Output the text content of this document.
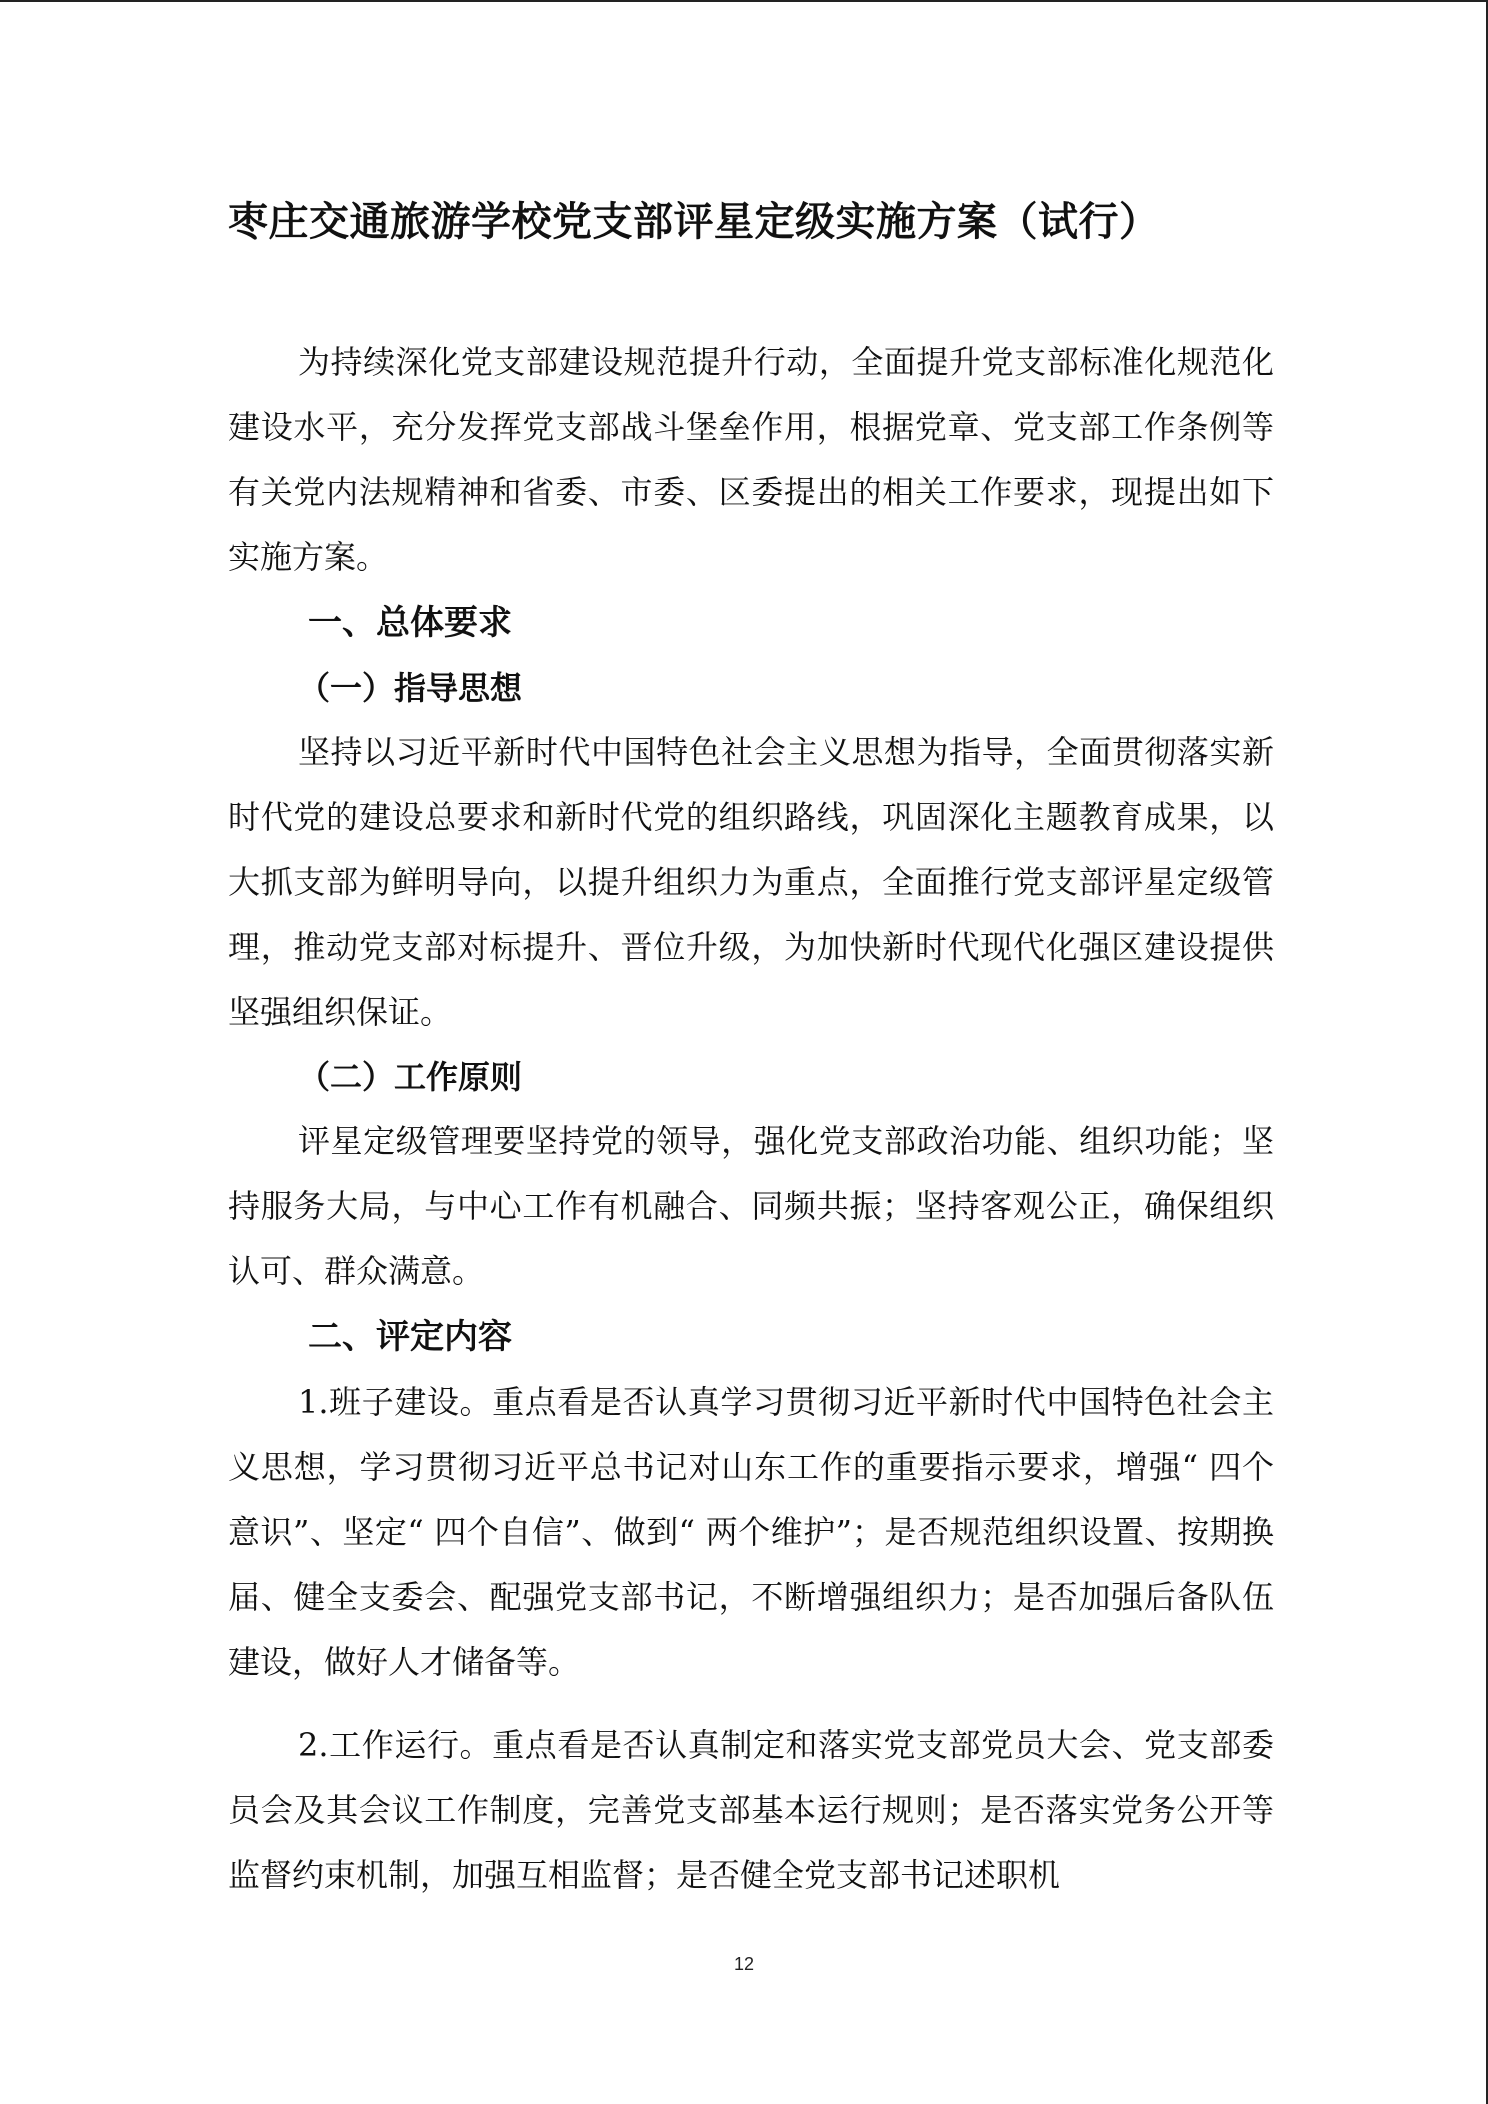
枣庄交通旅游学校党支部评星定级实施方案（试行）

为持续深化党支部建设规范提升行动，全面提升党支部标准化规范化建设水平，充分发挥党支部战斗堡垒作用，根据党章、党支部工作条例等有关党内法规精神和省委、市委、区委提出的相关工作要求，现提出如下实施方案。

一、总体要求
（一）指导思想

坚持以习近平新时代中国特色社会主义思想为指导，全面贯彻落实新时代党的建设总要求和新时代党的组织路线，巩固深化主题教育成果，以大抓支部为鲜明导向，以提升组织力为重点，全面推行党支部评星定级管理，推动党支部对标提升、晋位升级，为加快新时代现代化强区建设提供坚强组织保证。

（二）工作原则

评星定级管理要坚持党的领导，强化党支部政治功能、组织功能；坚持服务大局，与中心工作有机融合、同频共振；坚持客观公正，确保组织认可、群众满意。

二、评定内容

1.班子建设。重点看是否认真学习贯彻习近平新时代中国特色社会主义思想，学习贯彻习近平总书记对山东工作的重要指示要求，增强“ 四个意识”、坚定“ 四个自信”、做到“ 两个维护”；是否规范组织设置、按期换届、健全支委会、配强党支部书记，不断增强组织力；是否加强后备队伍建设，做好人才储备等。

2.工作运行。重点看是否认真制定和落实党支部党员大会、党支部委员会及其会议工作制度，完善党支部基本运行规则；是否落实党务公开等监督约束机制，加强互相监督；是否健全党支部书记述职机

12
